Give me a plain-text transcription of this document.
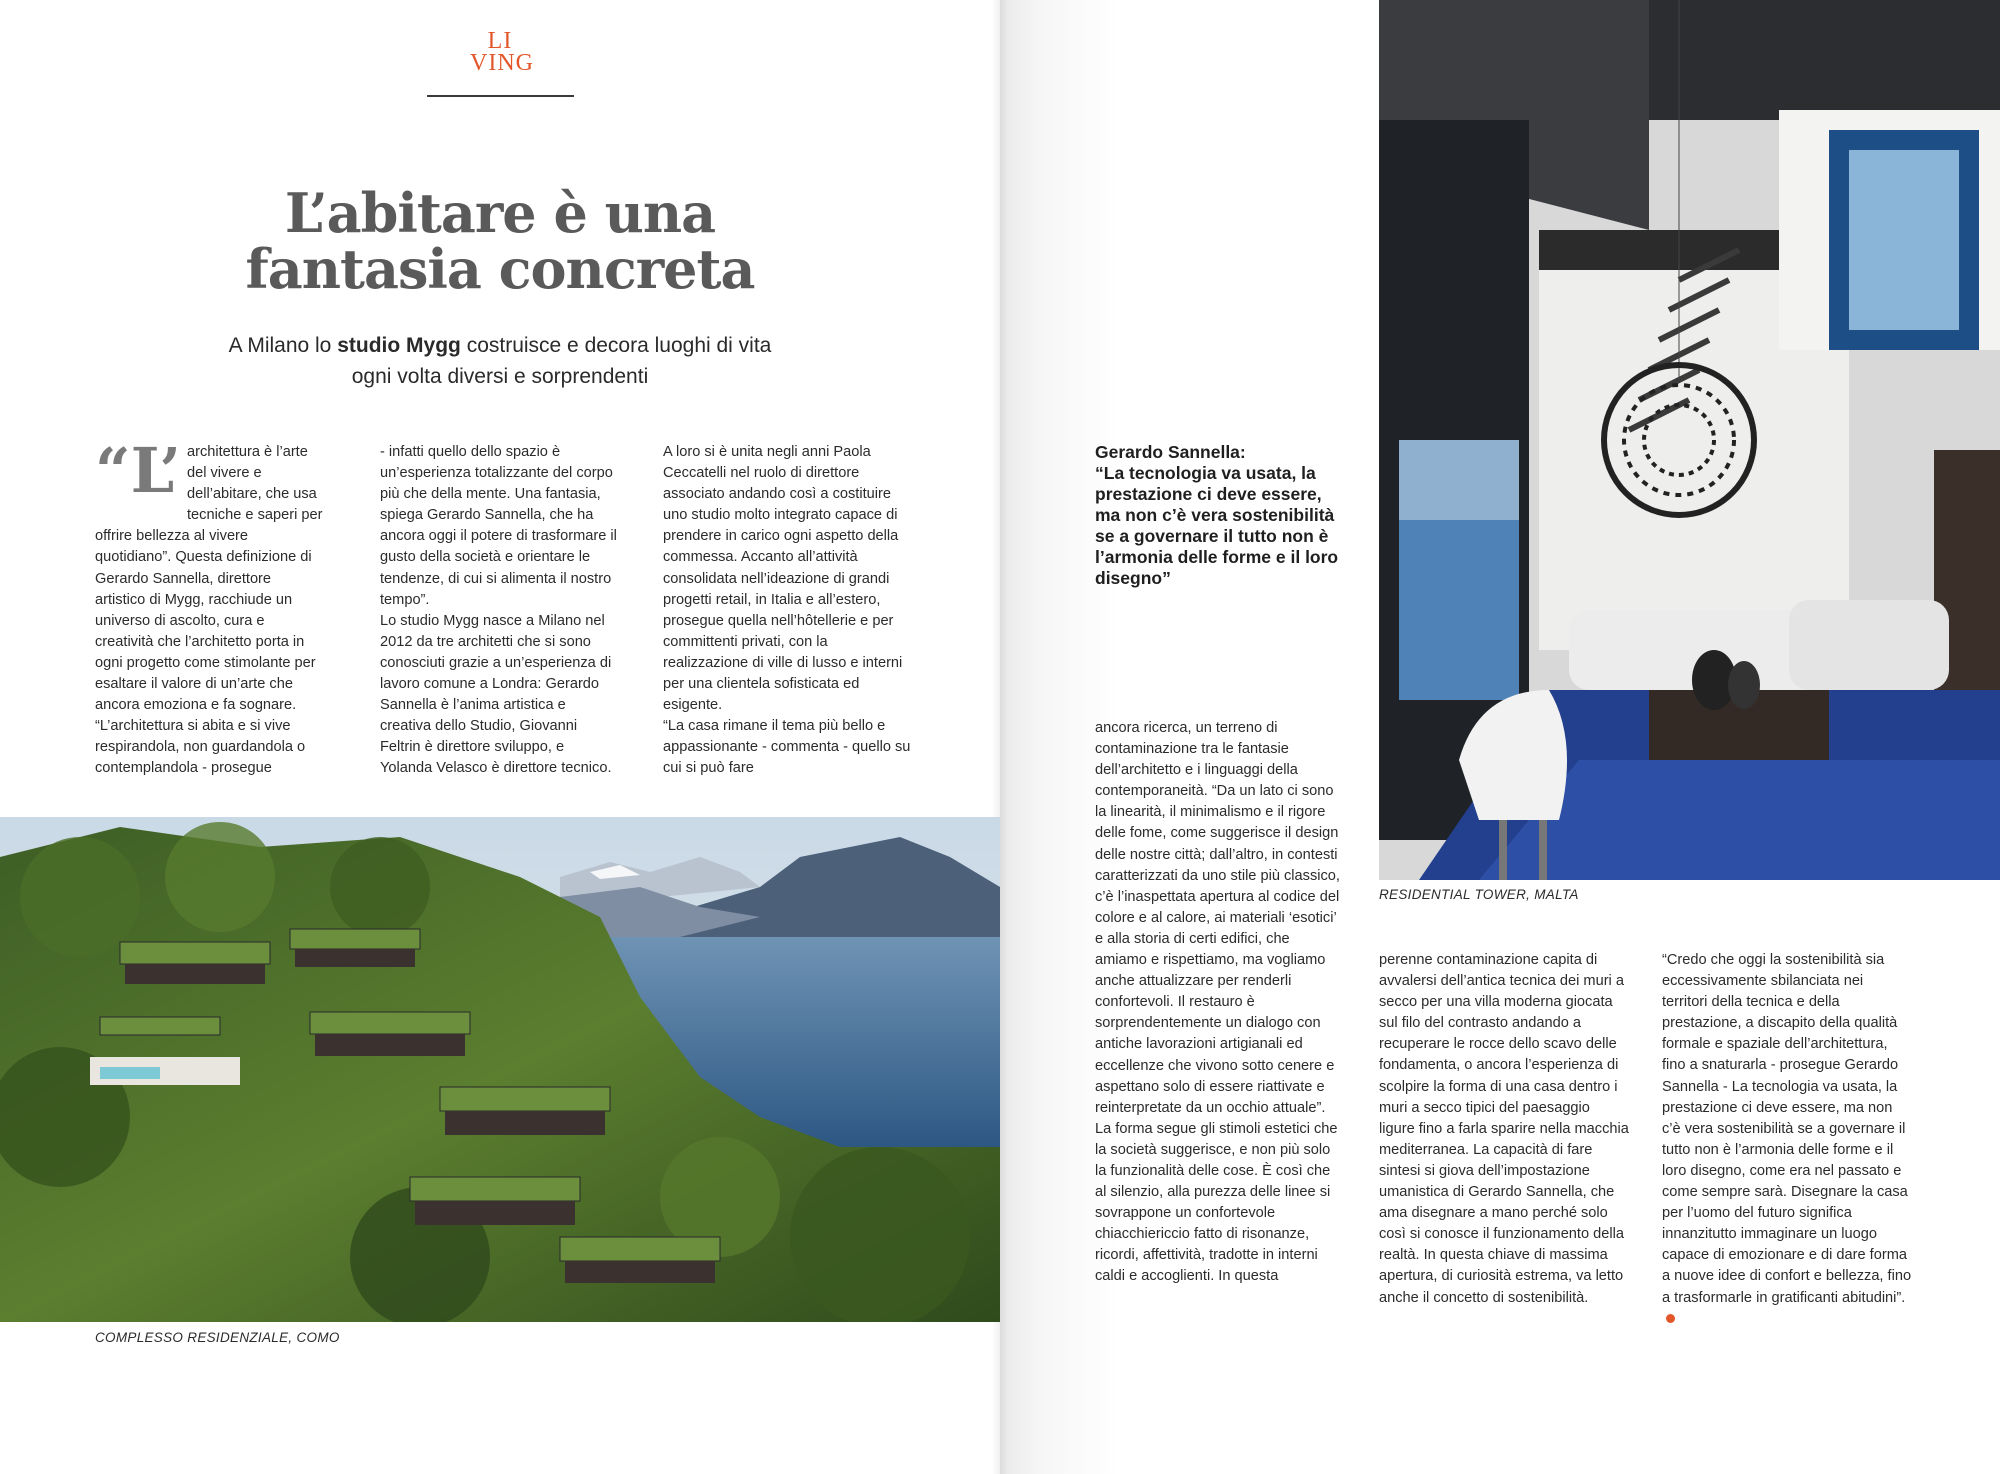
LI
VING
L’abitare è una
fantasia concreta
A Milano lo studio Mygg costruisce e decora luoghi di vita
ogni volta diversi e sorprendenti
“L’ architettura è l’arte del vivere e dell’abitare, che usa tecniche e saperi per offrire bellezza al vivere quotidiano”. Questa definizione di Gerardo Sannella, direttore artistico di Mygg, racchiude un universo di ascolto, cura e creatività che l’architetto porta in ogni progetto come stimolante per esaltare il valore di un’arte che ancora emoziona e fa sognare. “L’architettura si abita e si vive respirandola, non guardandola o contemplandola - prosegue

- infatti quello dello spazio è un’esperienza totalizzante del corpo più che della mente. Una fantasia, spiega Gerardo Sannella, che ha ancora oggi il potere di trasformare il gusto della società e orientare le tendenze, di cui si alimenta il nostro tempo”.

Lo studio Mygg nasce a Milano nel 2012 da tre architetti che si sono conosciuti grazie a un’esperienza di lavoro comune a Londra: Gerardo Sannella è l’anima artistica e creativa dello Studio, Giovanni Feltrin è direttore sviluppo, e Yolanda Velasco è direttore tecnico.

A loro si è unita negli anni Paola Ceccatelli nel ruolo di direttore associato andando così a costituire uno studio molto integrato capace di prendere in carico ogni aspetto della commessa. Accanto all’attività consolidata nell’ideazione di grandi progetti retail, in Italia e all’estero, prosegue quella nell’hôtellerie e per committenti privati, con la realizzazione di ville di lusso e interni per una clientela sofisticata ed esigente.

“La casa rimane il tema più bello e appassionante - commenta - quello su cui si può fare

COMPLESSO RESIDENZIALE, COMO
RESIDENTIAL TOWER, MALTA
Gerardo Sannella:
“La tecnologia va usata, la prestazione ci deve essere, ma non c’è vera sostenibilità se a governare il tutto non è l’armonia delle forme e il loro disegno”

ancora ricerca, un terreno di contaminazione tra le fantasie dell’architetto e i linguaggi della contemporaneità. “Da un lato ci sono la linearità, il minimalismo e il rigore delle fome, come suggerisce il design delle nostre città; dall’altro, in contesti caratterizzati da uno stile più classico, c’è l’inaspettata apertura al codice del colore e al calore, ai materiali ‘esotici’ e alla storia di certi edifici, che amiamo e rispettiamo, ma vogliamo anche attualizzare per renderli confortevoli. Il restauro è sorprendentemente un dialogo con antiche lavorazioni artigianali ed eccellenze che vivono sotto cenere e aspettano solo di essere riattivate e reinterpretate da un occhio attuale”.

La forma segue gli stimoli estetici che la società suggerisce, e non più solo la funzionalità delle cose. È così che al silenzio, alla purezza delle linee si sovrappone un confortevole chiacchiericcio fatto di risonanze, ricordi, affettività, tradotte in interni caldi e accoglienti. In questa

perenne contaminazione capita di avvalersi dell’antica tecnica dei muri a secco per una villa moderna giocata sul filo del contrasto andando a recuperare le rocce dello scavo delle fondamenta, o ancora l’esperienza di scolpire la forma di una casa dentro i muri a secco tipici del paesaggio ligure fino a farla sparire nella macchia mediterranea. La capacità di fare sintesi si giova dell’impostazione umanistica di Gerardo Sannella, che ama disegnare a mano perché solo così si conosce il funzionamento della realtà. In questa chiave di massima apertura, di curiosità estrema, va letto anche il concetto di sostenibilità.

“Credo che oggi la sostenibilità sia eccessivamente sbilanciata nei territori della tecnica e della prestazione, a discapito della qualità formale e spaziale dell’architettura, fino a snaturarla - prosegue Gerardo Sannella - La tecnologia va usata, la prestazione ci deve essere, ma non c’è vera sostenibilità se a governare il tutto non è l’armonia delle forme e il loro disegno, come era nel passato e come sempre sarà. Disegnare la casa per l’uomo del futuro significa innanzitutto immaginare un luogo capace di emozionare e di dare forma a nuove idee di confort e bellezza, fino a trasformarle in gratificanti abitudini”.
